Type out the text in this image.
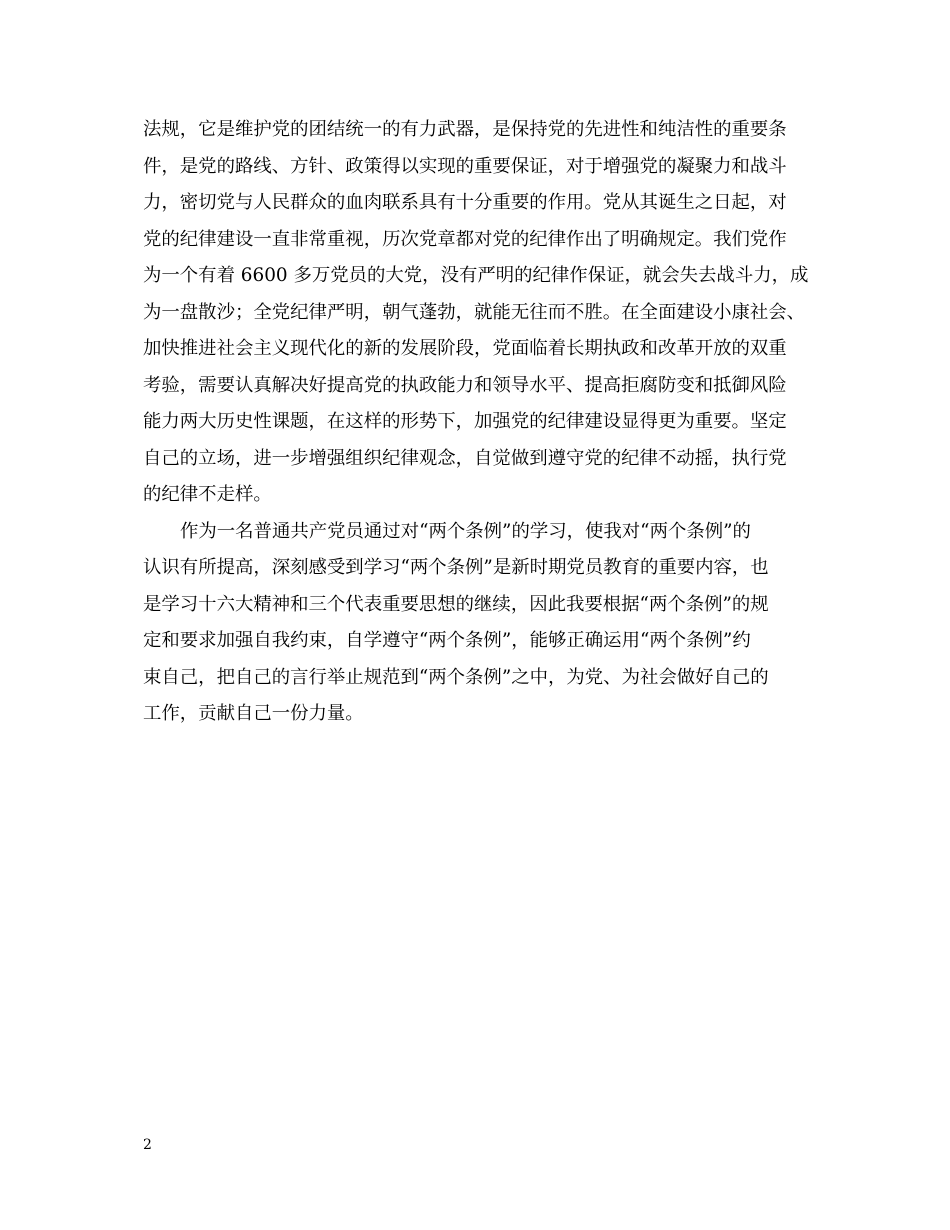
法规，它是维护党的团结统一的有力武器，是保持党的先进性和纯洁性的重要条
件，是党的路线、方针、政策得以实现的重要保证，对于增强党的凝聚力和战斗
力，密切党与人民群众的血肉联系具有十分重要的作用。党从其诞生之日起，对
党的纪律建设一直非常重视，历次党章都对党的纪律作出了明确规定。我们党作
为一个有着 6600 多万党员的大党，没有严明的纪律作保证，就会失去战斗力，成
为一盘散沙；全党纪律严明，朝气蓬勃，就能无往而不胜。在全面建设小康社会、
加快推进社会主义现代化的新的发展阶段，党面临着长期执政和改革开放的双重
考验，需要认真解决好提高党的执政能力和领导水平、提高拒腐防变和抵御风险
能力两大历史性课题，在这样的形势下，加强党的纪律建设显得更为重要。坚定
自己的立场，进一步增强组织纪律观念，自觉做到遵守党的纪律不动摇，执行党
的纪律不走样。
作为一名普通共产党员通过对“两个条例”的学习，使我对“两个条例”的
认识有所提高，深刻感受到学习“两个条例”是新时期党员教育的重要内容，也
是学习十六大精神和三个代表重要思想的继续，因此我要根据“两个条例”的规
定和要求加强自我约束，自学遵守“两个条例”，能够正确运用“两个条例”约
束自己，把自己的言行举止规范到“两个条例”之中，为党、为社会做好自己的
工作，贡献自己一份力量。
2
